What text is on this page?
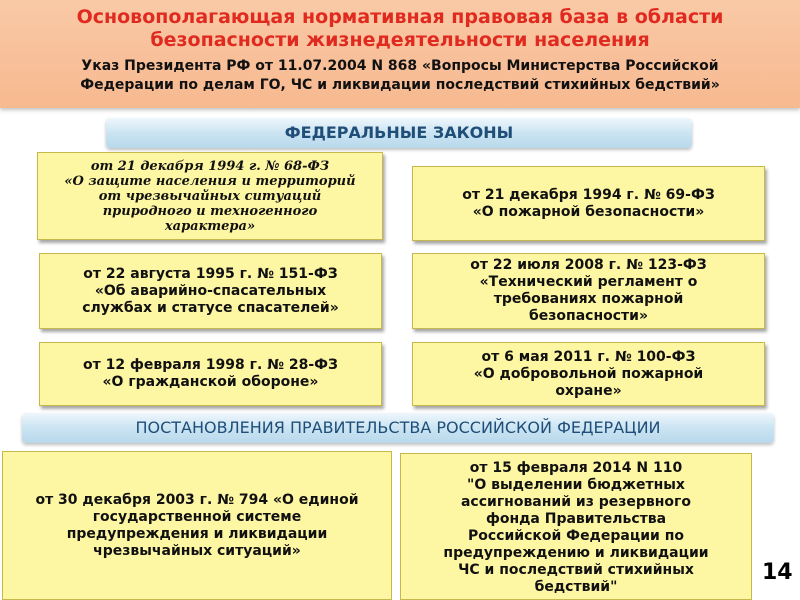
Основополагающая нормативная правовая база в области
безопасности жизнедеятельности населения
Указ Президента РФ от 11.07.2004 N 868 «Вопросы Министерства Российской
Федерации по делам ГО, ЧС и ликвидации последствий стихийных бедствий»
ФЕДЕРАЛЬНЫЕ ЗАКОНЫ
от 21 декабря 1994 г. № 68-ФЗ
«О защите населения и территорий
от чрезвычайных ситуаций
природного и техногенного
характера»
от 21 декабря 1994 г. № 69-ФЗ
«О пожарной безопасности»
от 22 августа 1995 г. № 151-ФЗ
«Об аварийно-спасательных
службах и статусе спасателей»
от 22 июля 2008 г. № 123-ФЗ
«Технический регламент о
требованиях пожарной
безопасности»
от 12 февраля 1998 г. № 28-ФЗ
«О гражданской обороне»
от 6 мая 2011 г. № 100-ФЗ
«О добровольной пожарной
охране»
ПОСТАНОВЛЕНИЯ ПРАВИТЕЛЬСТВА РОССИЙСКОЙ ФЕДЕРАЦИИ
от 30 декабря 2003 г. № 794 «О единой
государственной системе
предупреждения и ликвидации
чрезвычайных ситуаций»
от 15 февраля 2014 N 110
"О выделении бюджетных
ассигнований из резервного
фонда Правительства
Российской Федерации по
предупреждению и ликвидации
ЧС и последствий стихийных
бедствий"
14
